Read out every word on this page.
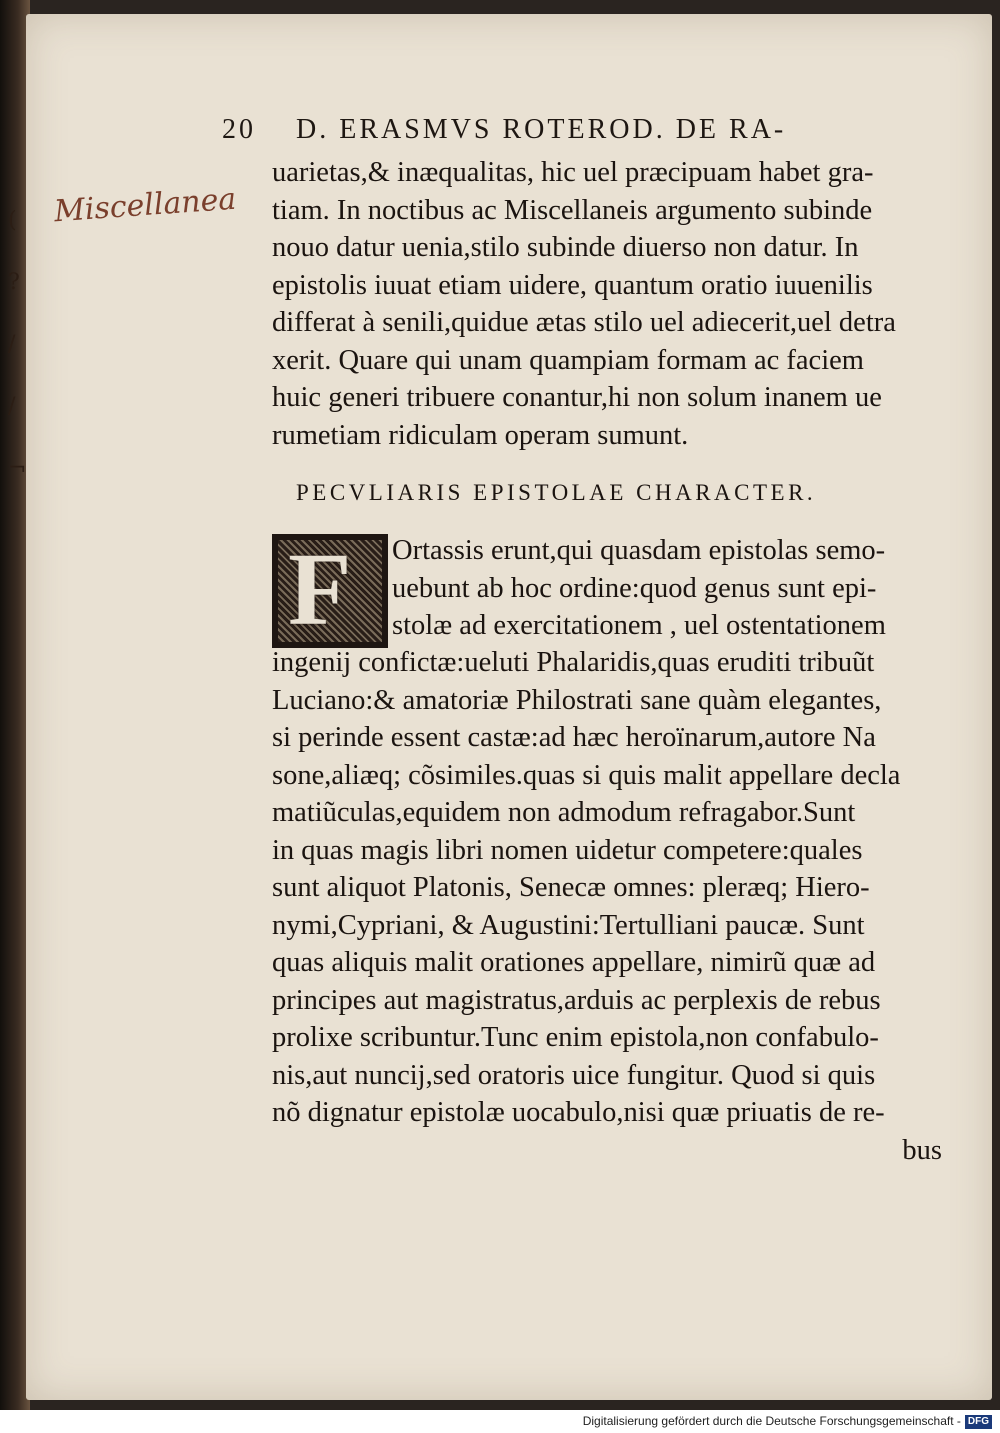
(
?
/
/
¬
20 D. ERASMVS ROTEROD. DE RA-
Miscellanea
uarietas,& inæqualitas, hic uel præcipuam habet gra-
tiam. In noctibus ac Miscellaneis argumento subinde
nouo datur uenia,stilo subinde diuerso non datur. In
epistolis iuuat etiam uidere, quantum oratio iuuenilis
differat à senili,quidue ætas stilo uel adiecerit,uel detra
xerit. Quare qui unam quampiam formam ac faciem
huic generi tribuere conantur,hi non solum inanem ue
rumetiam ridiculam operam sumunt.
PECVLIARIS EPISTOLAE CHARACTER.
F Ortassis erunt,qui quasdam epistolas semo-
uebunt ab hoc ordine:quod genus sunt epi-
stolæ ad exercitationem , uel ostentationem
ingenij confictæ:ueluti Phalaridis,quas eruditi tribuũt
Luciano:& amatoriæ Philostrati sane quàm elegantes,
si perinde essent castæ:ad hæc heroïnarum,autore Na
sone,aliæq; cõsimiles.quas si quis malit appellare decla
matiũculas,equidem non admodum refragabor.Sunt
in quas magis libri nomen uidetur competere:quales
sunt aliquot Platonis, Senecæ omnes: pleræq; Hiero-
nymi,Cypriani, & Augustini:Tertulliani paucæ. Sunt
quas aliquis malit orationes appellare, nimirũ quæ ad
principes aut magistratus,arduis ac perplexis de rebus
prolixe scribuntur.Tunc enim epistola,non confabulo-
nis,aut nuncij,sed oratoris uice fungitur. Quod si quis
nõ dignatur epistolæ uocabulo,nisi quæ priuatis de re-
bus
Digitalisierung gefördert durch die Deutsche Forschungsgemeinschaft - DFG
